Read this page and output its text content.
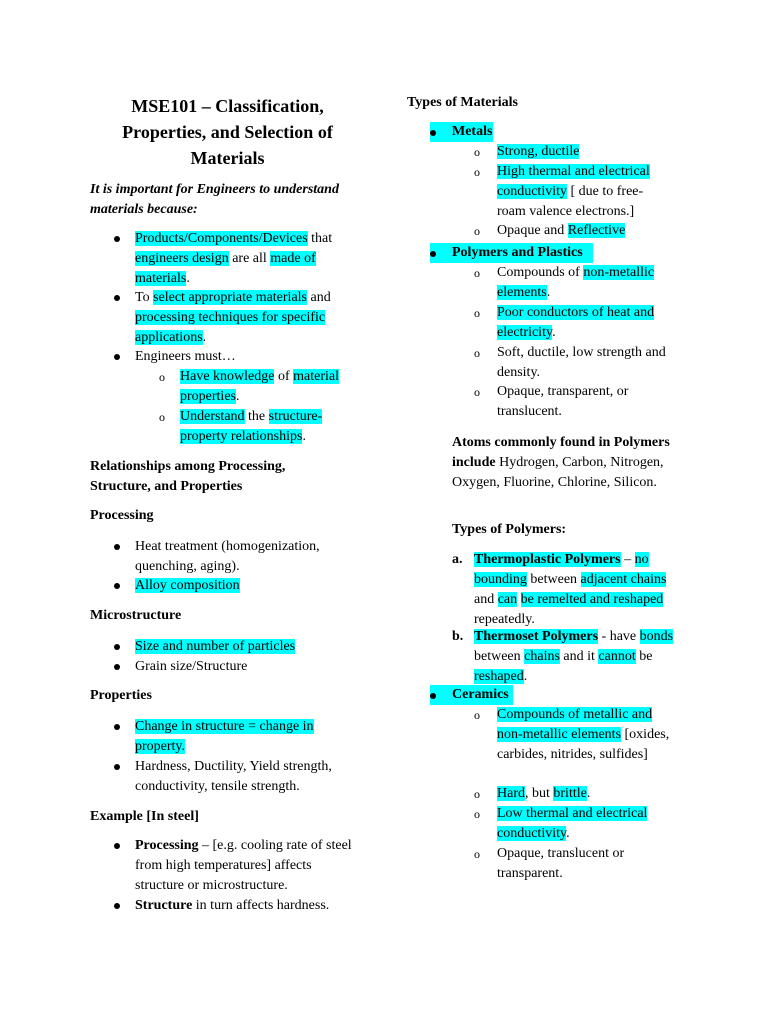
MSE101 – Classification, Properties, and Selection of Materials

It is important for Engineers to understand materials because:

Products/Components/Devices that engineers design are all made of materials.
To select appropriate materials and processing techniques for specific applications.
Engineers must…
o Have knowledge of material properties.
o Understand the structure-property relationships.

Relationships among Processing, Structure, and Properties

Processing

Heat treatment (homogenization, quenching, aging).
Alloy composition

Microstructure

Size and number of particles
Grain size/Structure

Properties

Change in structure = change in property.
Hardness, Ductility, Yield strength, conductivity, tensile strength.

Example [In steel]

Processing – [e.g. cooling rate of steel from high temperatures] affects structure or microstructure.
Structure in turn affects hardness.

Types of Materials

Metals
o Strong, ductile
o High thermal and electrical conductivity [ due to free-roam valence electrons.]
o Opaque and Reflective
Polymers and Plastics
o Compounds of non-metallic elements.
o Poor conductors of heat and electricity.
o Soft, ductile, low strength and density.
o Opaque, transparent, or translucent.

Atoms commonly found in Polymers include Hydrogen, Carbon, Nitrogen, Oxygen, Fluorine, Chlorine, Silicon.

Types of Polymers:

a. Thermoplastic Polymers – no bounding between adjacent chains and can be remelted and reshaped repeatedly.
b. Thermoset Polymers - have bonds between chains and it cannot be reshaped.
Ceramics
o Compounds of metallic and non-metallic elements [oxides, carbides, nitrides, sulfides]
o Hard, but brittle.
o Low thermal and electrical conductivity.
o Opaque, translucent or transparent.
